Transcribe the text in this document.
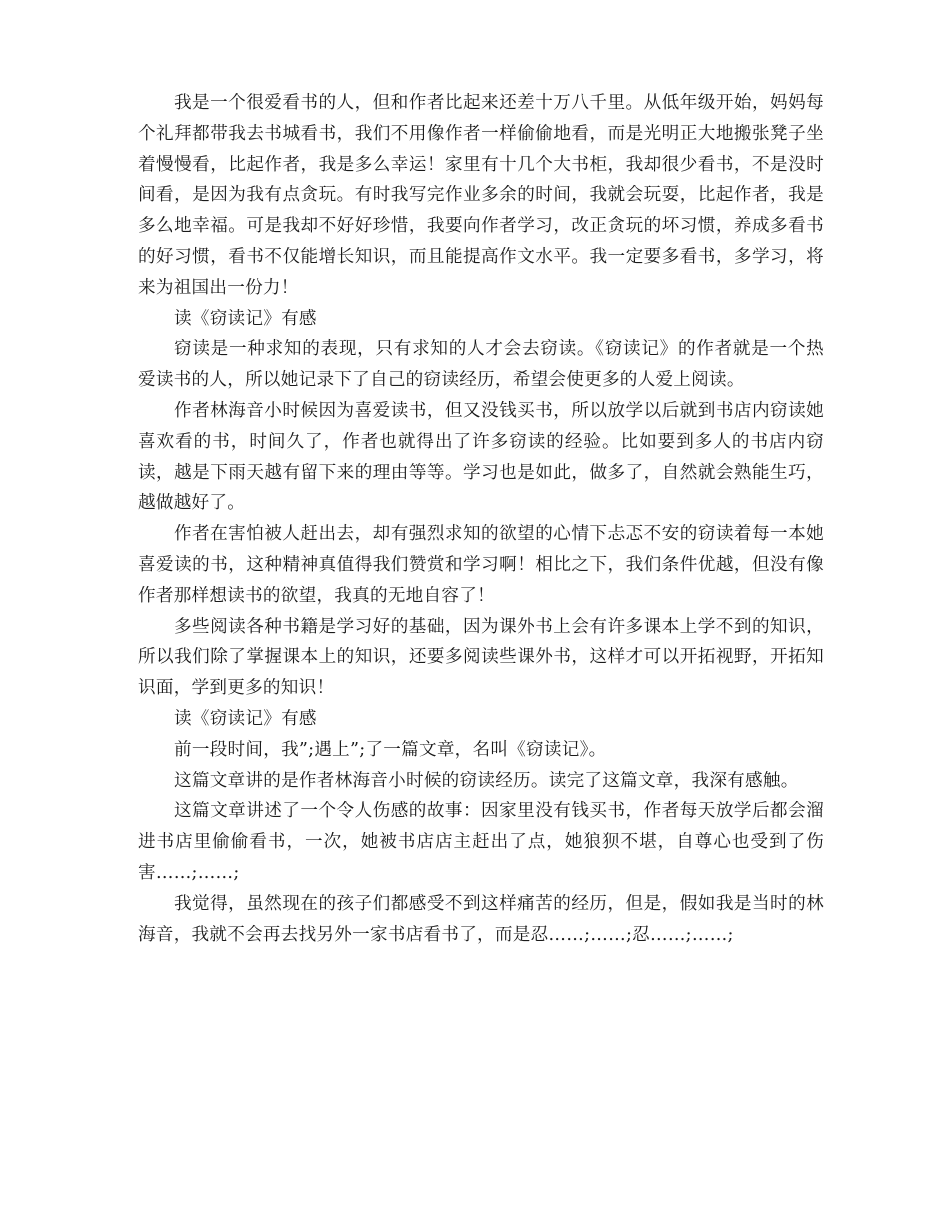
我是一个很爱看书的人，但和作者比起来还差十万八千里。从低年级开始，妈妈每个礼拜都带我去书城看书，我们不用像作者一样偷偷地看，而是光明正大地搬张凳子坐着慢慢看，比起作者，我是多么幸运！家里有十几个大书柜，我却很少看书，不是没时间看，是因为我有点贪玩。有时我写完作业多余的时间，我就会玩耍，比起作者，我是多么地幸福。可是我却不好好珍惜，我要向作者学习，改正贪玩的坏习惯，养成多看书的好习惯，看书不仅能增长知识，而且能提高作文水平。我一定要多看书，多学习，将来为祖国出一份力！

读《窃读记》有感

窃读是一种求知的表现，只有求知的人才会去窃读。《窃读记》的作者就是一个热爱读书的人，所以她记录下了自己的窃读经历，希望会使更多的人爱上阅读。

作者林海音小时候因为喜爱读书，但又没钱买书，所以放学以后就到书店内窃读她喜欢看的书，时间久了，作者也就得出了许多窃读的经验。比如要到多人的书店内窃读，越是下雨天越有留下来的理由等等。学习也是如此，做多了，自然就会熟能生巧，越做越好了。

作者在害怕被人赶出去，却有强烈求知的欲望的心情下忐忑不安的窃读着每一本她喜爱读的书，这种精神真值得我们赞赏和学习啊！相比之下，我们条件优越，但没有像作者那样想读书的欲望，我真的无地自容了！

多些阅读各种书籍是学习好的基础，因为课外书上会有许多课本上学不到的知识，所以我们除了掌握课本上的知识，还要多阅读些课外书，这样才可以开拓视野，开拓知识面，学到更多的知识！

读《窃读记》有感

前一段时间，我”;遇上”;了一篇文章，名叫《窃读记》。

这篇文章讲的是作者林海音小时候的窃读经历。读完了这篇文章，我深有感触。

这篇文章讲述了一个令人伤感的故事：因家里没有钱买书，作者每天放学后都会溜进书店里偷偷看书，一次，她被书店店主赶出了点，她狼狈不堪，自尊心也受到了伤害……;……;

我觉得，虽然现在的孩子们都感受不到这样痛苦的经历，但是，假如我是当时的林海音，我就不会再去找另外一家书店看书了，而是忍……;……;忍……;……;
